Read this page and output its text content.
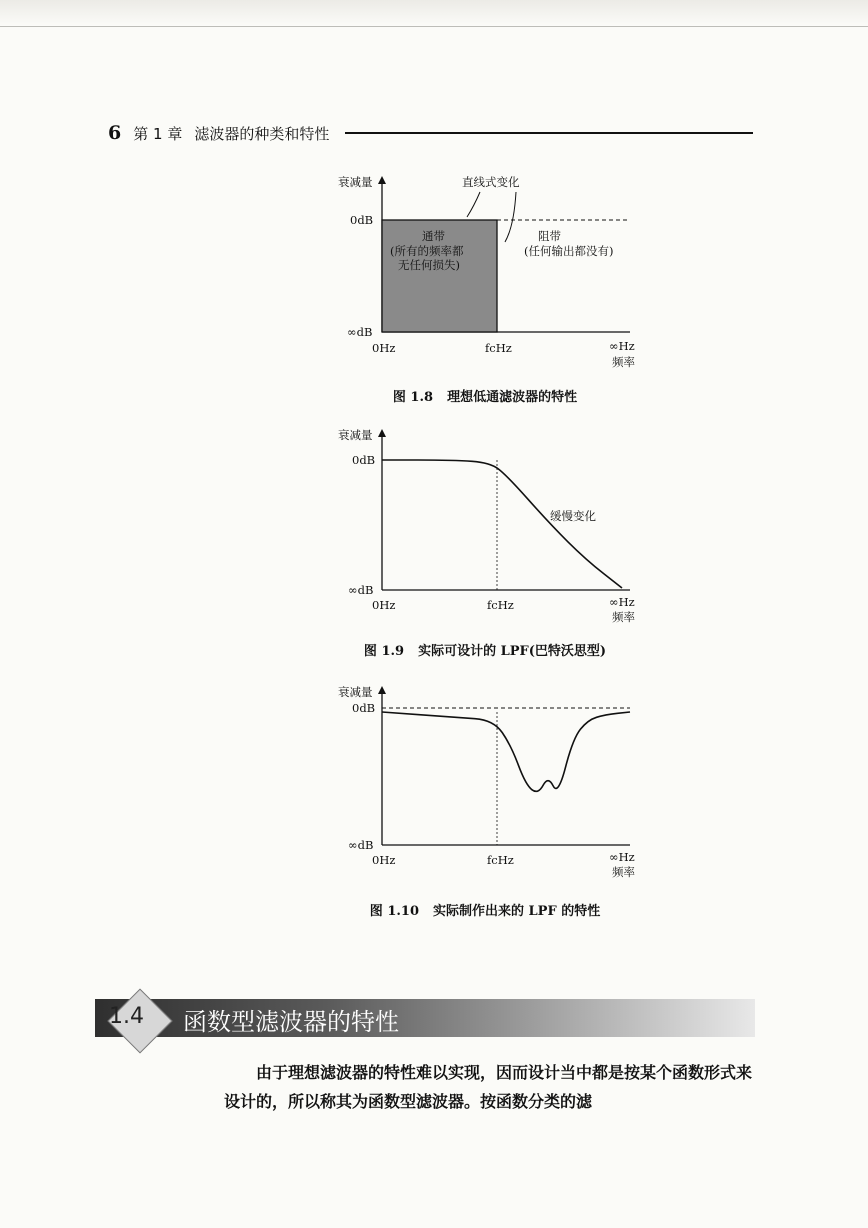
6 第 1 章 滤波器的种类和特性
衰减量
0dB
∞dB
通带
(所有的频率都
无任何损失)
阻带
(任何输出都没有)
直线式变化
0Hz	fcHz	∞Hz
频率
图 1.8 理想低通滤波器的特性
衰减量
0dB
∞dB
缓慢变化
0Hz	fcHz	∞Hz
频率
图 1.9 实际可设计的 LPF(巴特沃思型)
衰减量
0dB
∞dB
0Hz	fcHz	∞Hz
频率
图 1.10 实际制作出来的 LPF 的特性
1.4 函数型滤波器的特性

由于理想滤波器的特性难以实现，因而设计当中都是按某个函数形式来设计的，所以称其为函数型滤波器。按函数分类的滤
